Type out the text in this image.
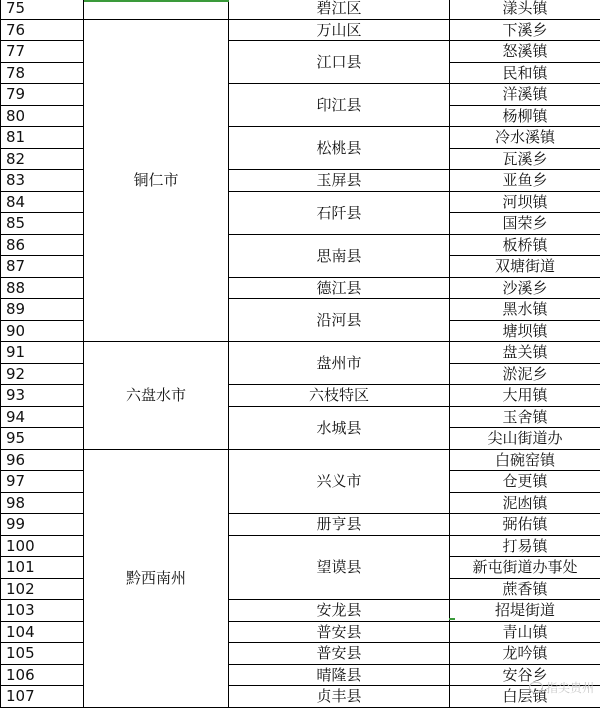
75		碧江区	漾头镇
76	铜仁市	万山区	下溪乡
77		江口县	怒溪镇
78			民和镇
79		印江县	洋溪镇
80			杨柳镇
81		松桃县	冷水溪镇
82			瓦溪乡
83		玉屏县	亚鱼乡
84		石阡县	河坝镇
85			国荣乡
86		思南县	板桥镇
87			双塘街道
88		德江县	沙溪乡
89		沿河县	黑水镇
90			塘坝镇
91	六盘水市	盘州市	盘关镇
92			淤泥乡
93		六枝特区	大用镇
94		水城县	玉舍镇
95			尖山街道办
96	黔西南州	兴义市	白碗窑镇
97			仓更镇
98			泥凼镇
99		册亨县	弼佑镇
100		望谟县	打易镇
101			新屯街道办事处
102			蔗香镇
103		安龙县	招堤街道
104		普安县	青山镇
105		普安县	龙吟镇
106		晴隆县	安谷乡
107		贞丰县	白层镇
指尖贵州
